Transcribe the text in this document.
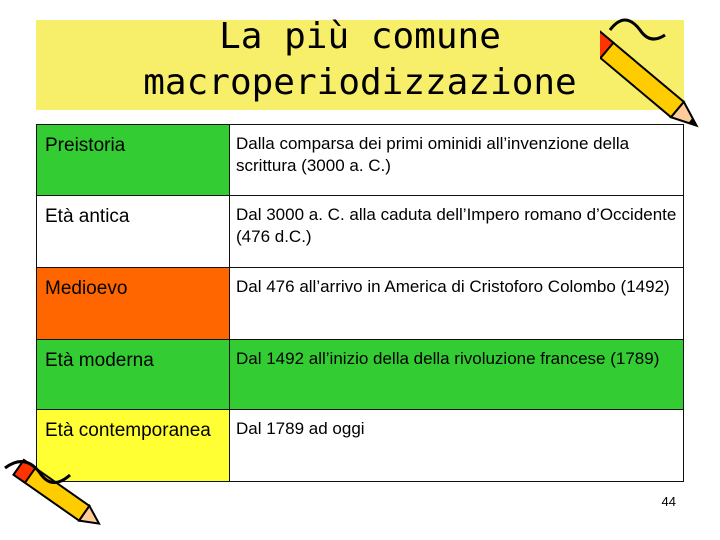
La più comune
macroperiodizzazione
Preistoria	Dalla comparsa dei primi ominidi all’invenzione della scrittura (3000 a. C.)
Età antica	Dal 3000 a. C. alla caduta dell’Impero romano d’Occidente (476 d.C.)
Medioevo	Dal 476 all’arrivo in America di Cristoforo Colombo (1492)
Età moderna	Dal 1492 all’inizio della della rivoluzione francese (1789)
Età contemporanea	Dal 1789 ad oggi
44
